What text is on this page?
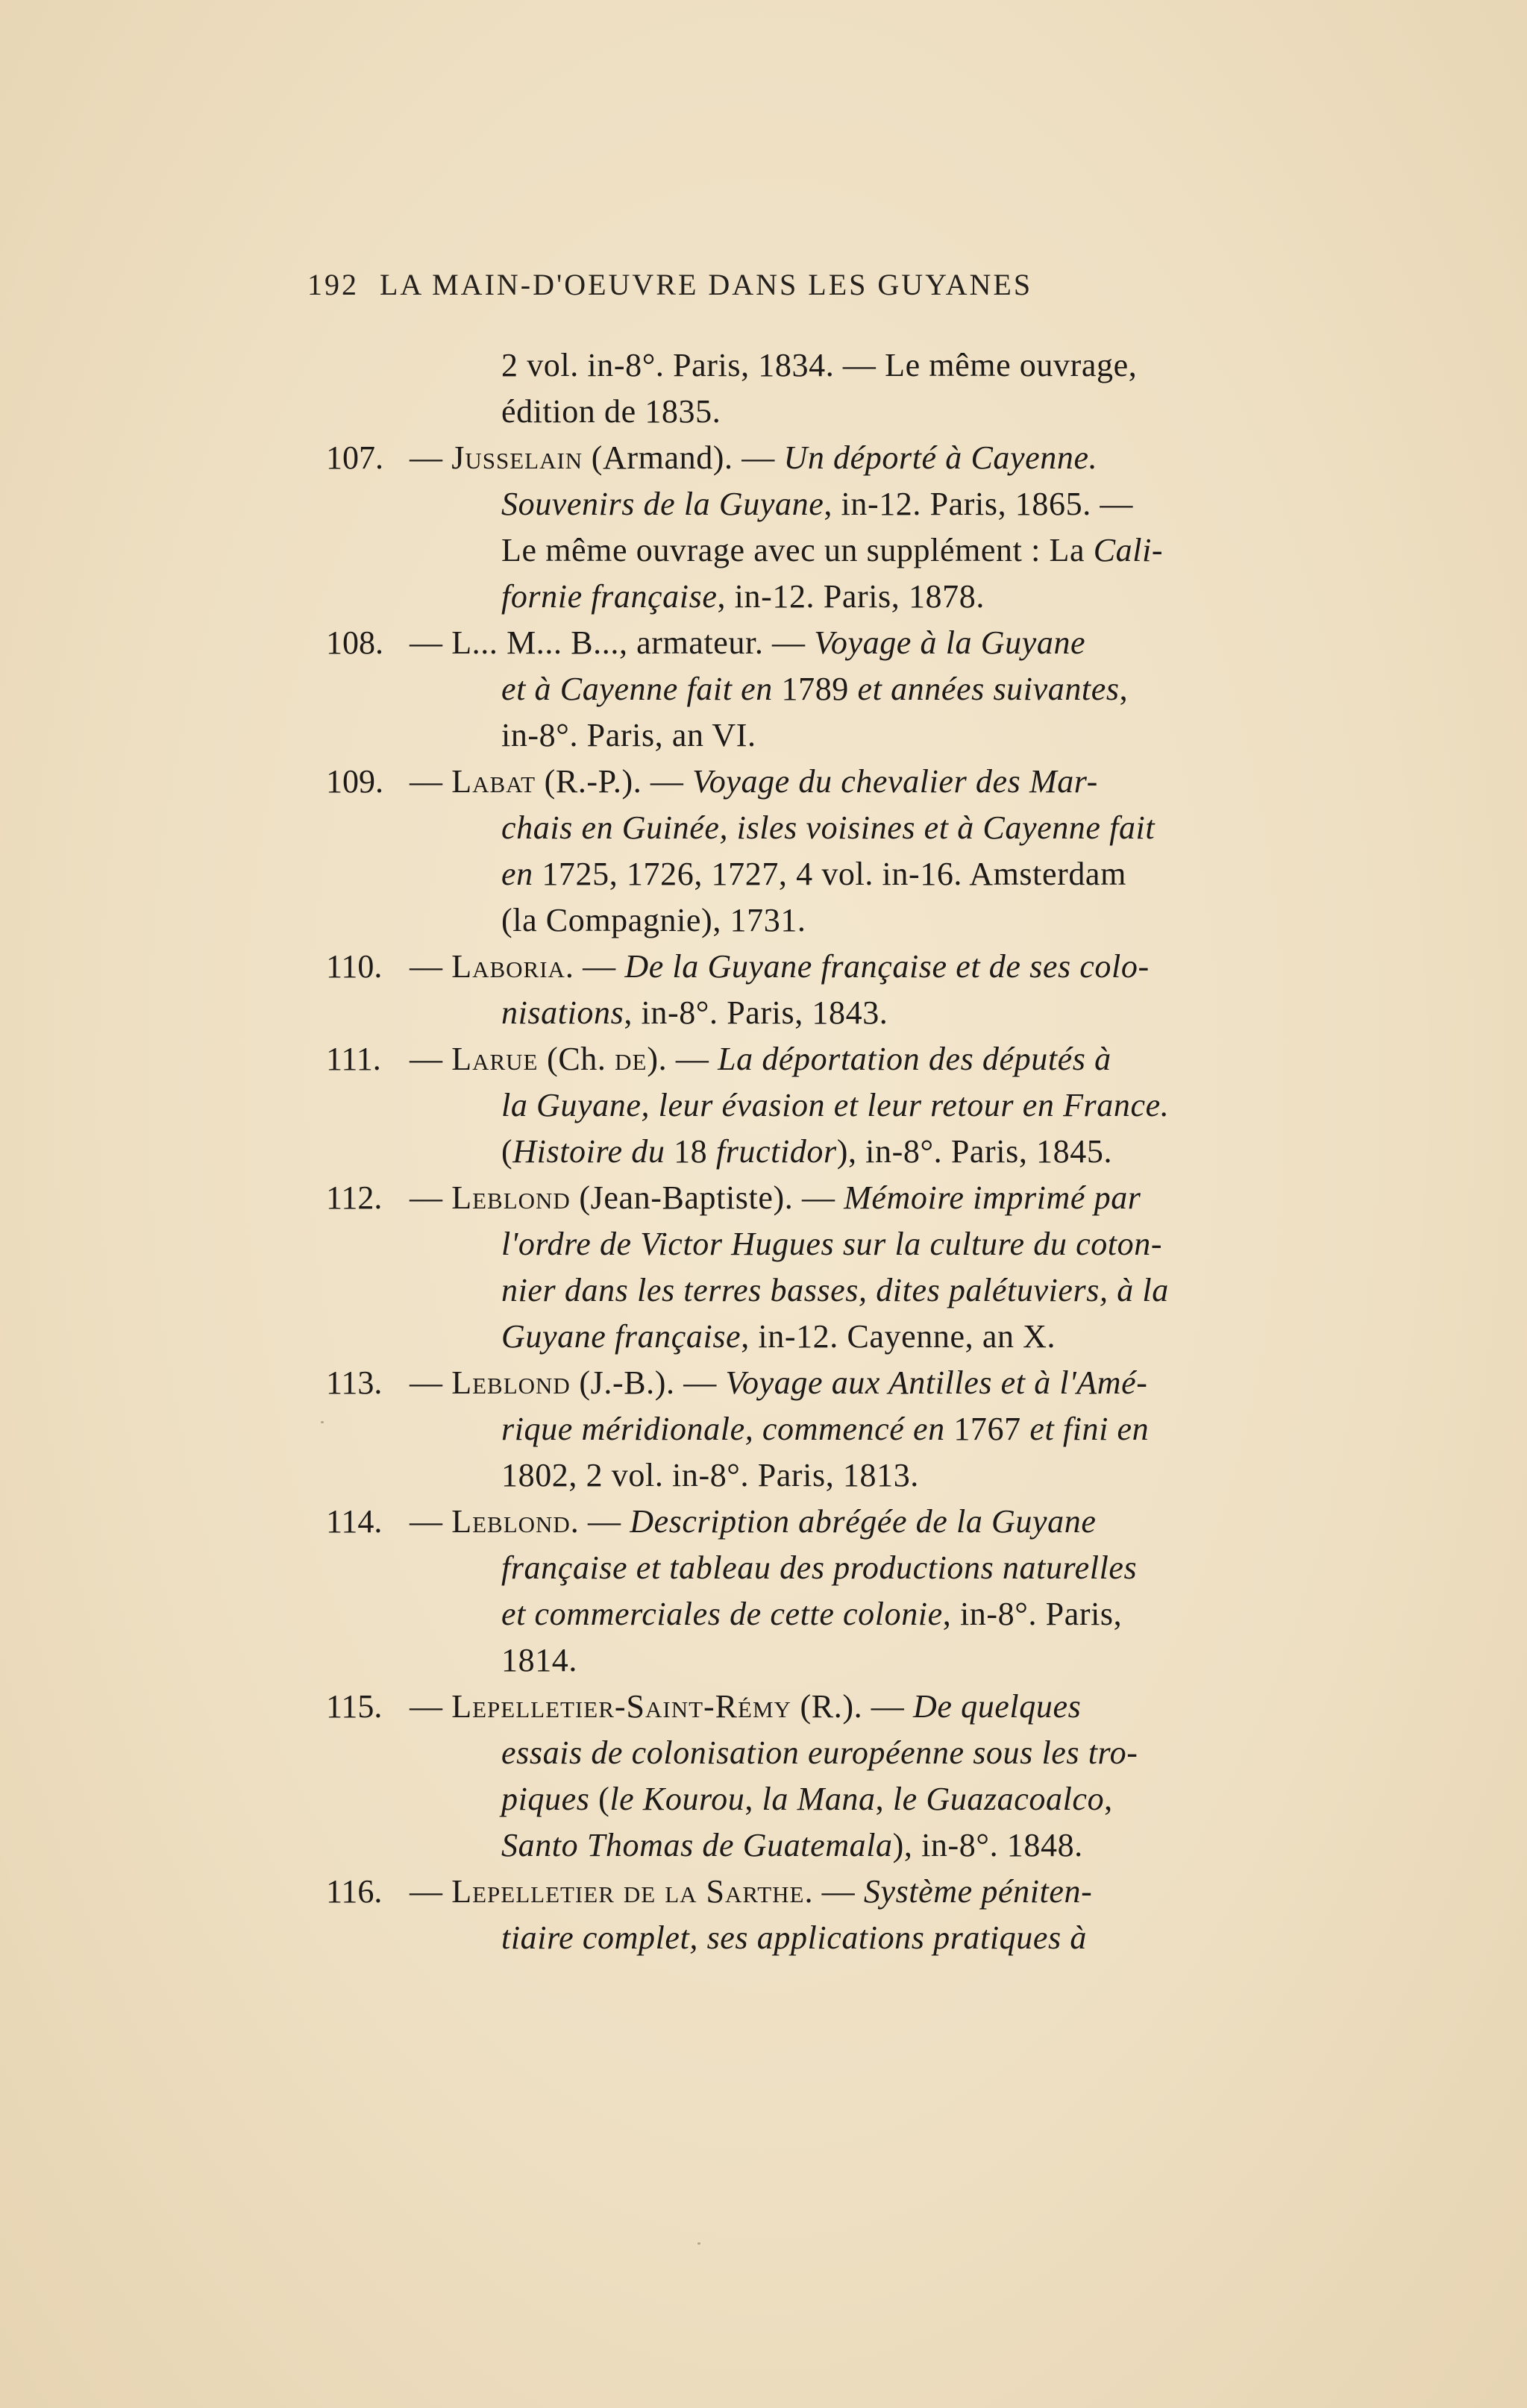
192 LA MAIN-D'OEUVRE DANS LES GUYANES
2 vol. in-8°. Paris, 1834. — Le même ouvrage,
édition de 1835.
107. — Jusselain (Armand). — Un déporté à Cayenne.
Souvenirs de la Guyane, in-12. Paris, 1865. —
Le même ouvrage avec un supplément : La Cali-
fornie française, in-12. Paris, 1878.
108. — L... M... B..., armateur. — Voyage à la Guyane
et à Cayenne fait en 1789 et années suivantes,
in-8°. Paris, an VI.
109. — Labat (R.-P.). — Voyage du chevalier des Mar-
chais en Guinée, isles voisines et à Cayenne fait
en 1725, 1726, 1727, 4 vol. in-16. Amsterdam
(la Compagnie), 1731.
110. — Laboria. — De la Guyane française et de ses colo-
nisations, in-8°. Paris, 1843.
111. — Larue (Ch. de). — La déportation des députés à
la Guyane, leur évasion et leur retour en France.
(Histoire du 18 fructidor), in-8°. Paris, 1845.
112. — Leblond (Jean-Baptiste). — Mémoire imprimé par
l'ordre de Victor Hugues sur la culture du coton-
nier dans les terres basses, dites palétuviers, à la
Guyane française, in-12. Cayenne, an X.
113. — Leblond (J.-B.). — Voyage aux Antilles et à l'Amé-
rique méridionale, commencé en 1767 et fini en
1802, 2 vol. in-8°. Paris, 1813.
114. — Leblond. — Description abrégée de la Guyane
française et tableau des productions naturelles
et commerciales de cette colonie, in-8°. Paris,
1814.
115. — Lepelletier-Saint-Rémy (R.). — De quelques
essais de colonisation européenne sous les tro-
piques (le Kourou, la Mana, le Guazacoalco,
Santo Thomas de Guatemala), in-8°. 1848.
116. — Lepelletier de la Sarthe. — Système péniten-
tiaire complet, ses applications pratiques à
